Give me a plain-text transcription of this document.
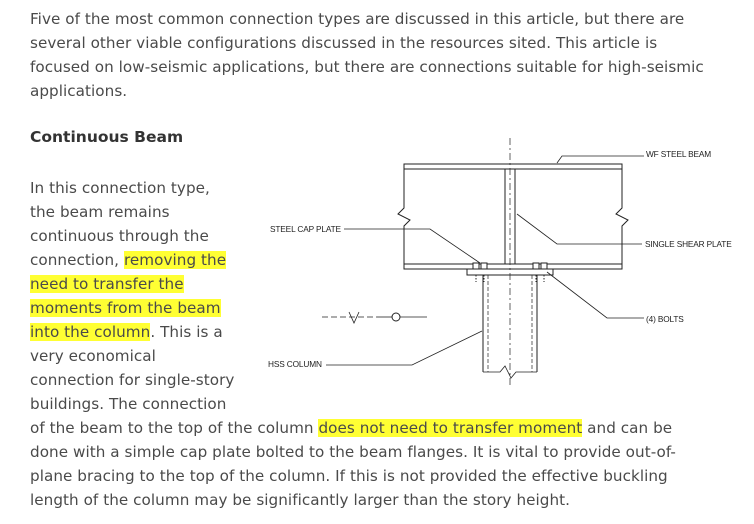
Five of the most common connection types are discussed in this article, but there are
several other viable configurations discussed in the resources sited. This article is
focused on low-seismic applications, but there are connections suitable for high-seismic
applications.
Continuous Beam
In this connection type,
the beam remains
continuous through the
connection, removing the
need to transfer the
moments from the beam
into the column. This is a
very economical
connection for single-story
buildings. The connection
of the beam to the top of the column does not need to transfer moment and can be
done with a simple cap plate bolted to the beam flanges. It is vital to provide out-of-
plane bracing to the top of the column. If this is not provided the effective buckling
length of the column may be significantly larger than the story height.
WF STEEL BEAM
STEEL CAP PLATE
SINGLE SHEAR PLATE
(4) BOLTS
HSS COLUMN
